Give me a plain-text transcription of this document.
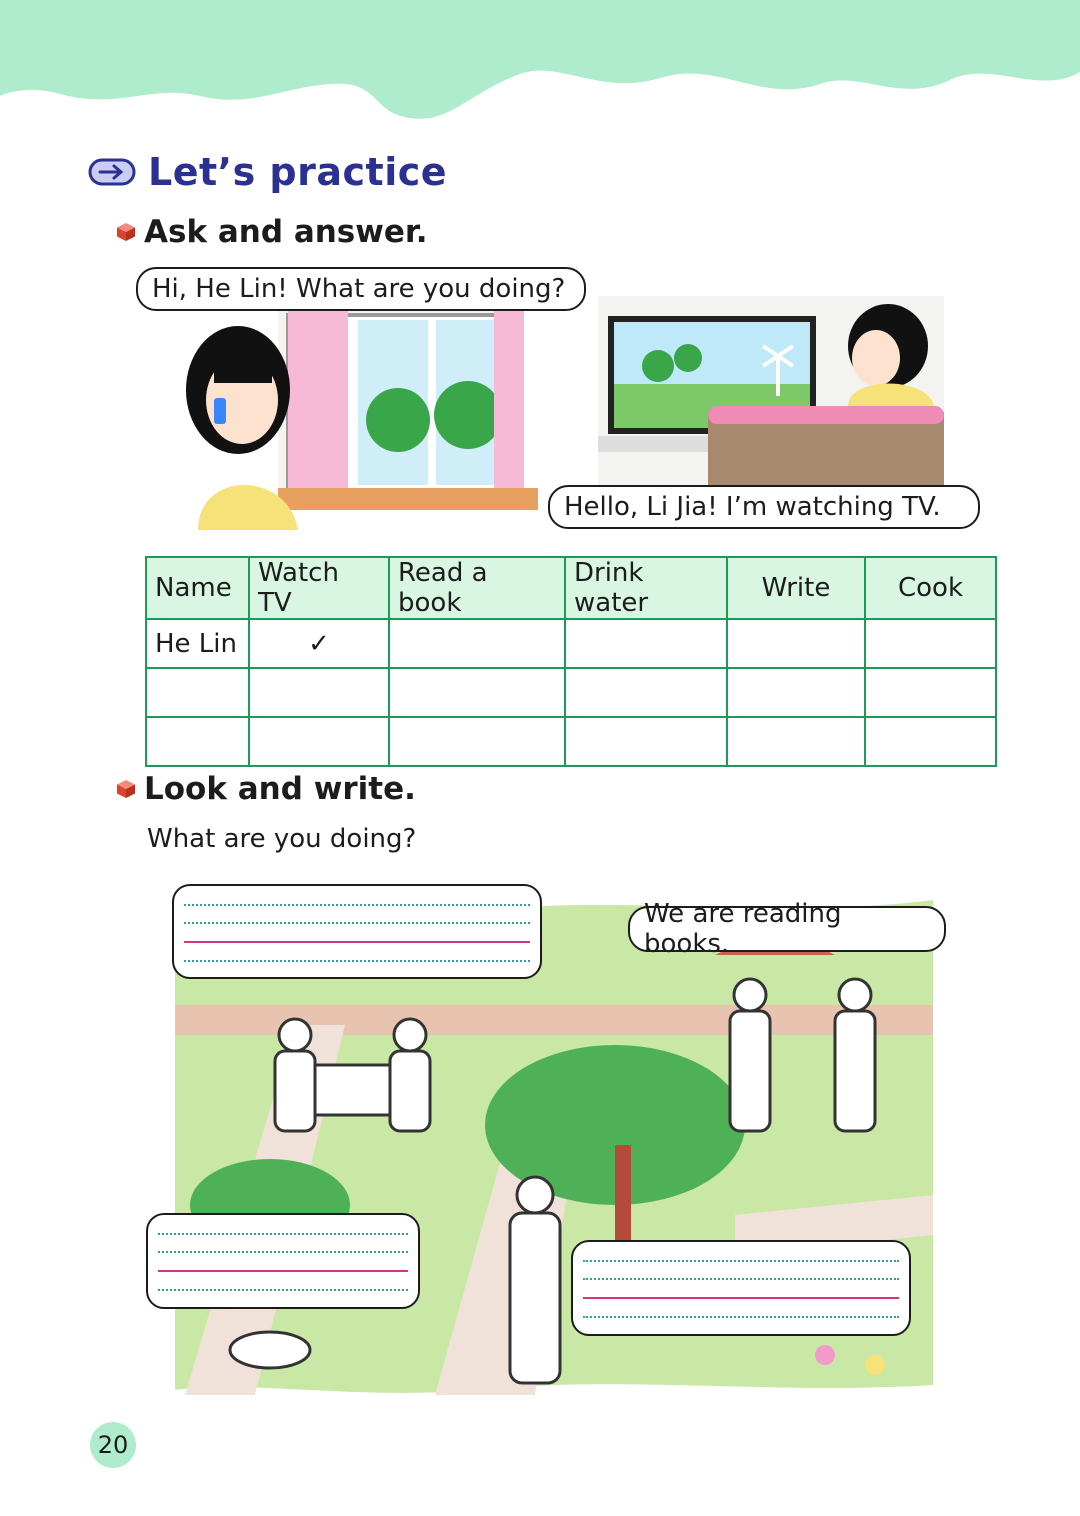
Let’s practice
Ask and answer.
Hi, He Lin! What are you doing?
Hello, Li Jia! I’m watching TV.
Name	Watch TV	Read a book	Drink water	Write	Cook
He Lin	✓				

Look and write.
What are you doing?
We are reading books.
20
